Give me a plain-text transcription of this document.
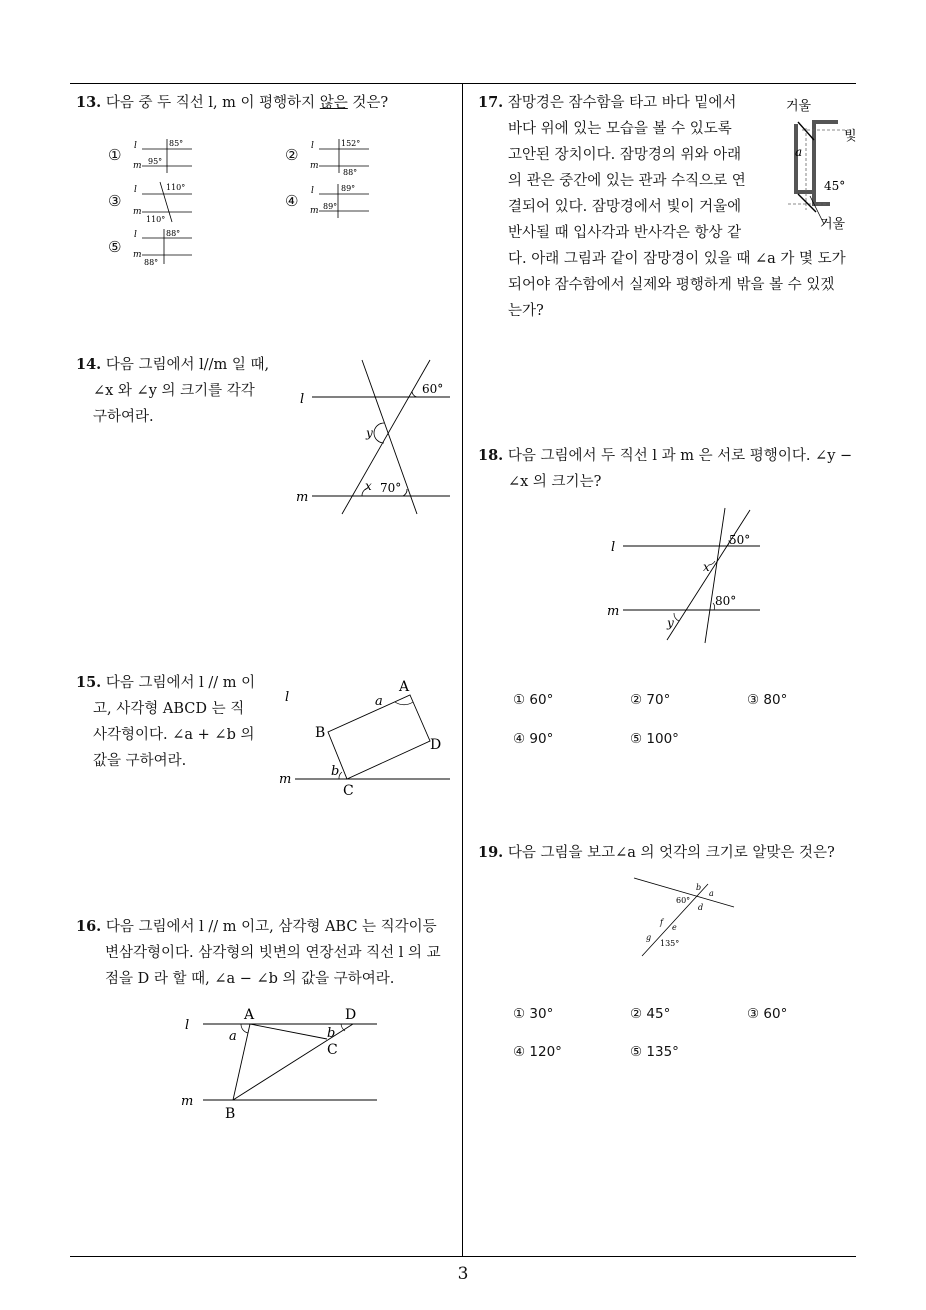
3
13. 다음 중 두 직선 l, m 이 평행하지 않은 것은?
① l
m
85°
95°	② l
m
152°
88°
③
l
m
110°
110°
④
l
m
89°
89°
⑤
l
m
88°
88°
14. 다음 그림에서 l//m 일 때,
∠x 와 ∠y 의 크기를 각각
구하여라.
l
m
60°
y
x 70°
15. 다음 그림에서 l // m 이
고, 사각형 ABCD 는 직
사각형이다. ∠a + ∠b 의
값을 구하여라.
l
m
A
B
C
D
a
b
16. 다음 그림에서 l // m 이고, 삼각형 ABC 는 직각이등
변삼각형이다. 삼각형의 빗변의 연장선과 직선 l 의 교
점을 D 라 할 때, ∠a − ∠b 의 값을 구하여라.
l
m
A
B
C
D
a	b
17. 잠망경은 잠수함을 타고 바다 밑에서
바다 위에 있는 모습을 볼 수 있도록
고안된 장치이다. 잠망경의 위와 아래
의 관은 중간에 있는 관과 수직으로 연
결되어 있다. 잠망경에서 빛이 거울에
반사될 때 입사각과 반사각은 항상 같
다. 아래 그림과 같이 잠망경이 있을 때 ∠a 가 몇 도가
되어야 잠수함에서 실제와 평행하게 밖을 볼 수 있겠
는가?
거울
빛
a
45°
거울
18. 다음 그림에서 두 직선 l 과 m 은 서로 평행이다. ∠y −
∠x 의 크기는?
l
m
50°
x
80°
y
① 60°	② 70°	③ 80°
④ 90°	⑤ 100°
19. 다음 그림을 보고∠a 의 엇각의 크기로 알맞은 것은?
b
a
60°
d
f
e
g
135°
① 30°	② 45°	③ 60°
④ 120°	⑤ 135°
